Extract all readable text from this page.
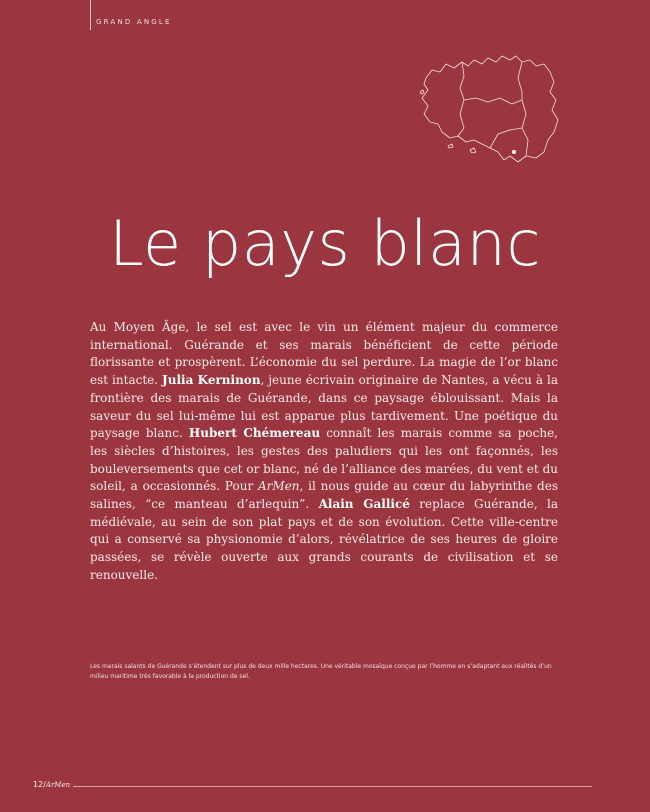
GRAND ANGLE
Le pays blanc

Au Moyen Âge, le sel est avec le vin un élément majeur du commerce international. Guérande et ses marais bénéficient de cette période florissante et prospèrent. L’économie du sel perdure. La magie de l’or blanc est intacte. Julia Kerninon, jeune écrivain originaire de Nantes, a vécu à la frontière des marais de Guérande, dans ce paysage éblouissant. Mais la saveur du sel lui-même lui est apparue plus tardivement. Une poétique du paysage blanc. Hubert Chémereau connaît les marais comme sa poche, les siècles d’histoires, les gestes des paludiers qui les ont façonnés, les bouleversements que cet or blanc, né de l’alliance des marées, du vent et du soleil, a occasionnés. Pour ArMen, il nous guide au cœur du labyrinthe des salines, “ce manteau d’arlequin”. Alain Gallicé replace Guérande, la médiévale, au sein de son plat pays et de son évolution. Cette ville-centre qui a conservé sa physionomie d’alors, révélatrice de ses heures de gloire passées, se révèle ouverte aux grands courants de civilisation et se renouvelle.

Les marais salants de Guérande s’étendent sur plus de deux mille hectares. Une véritable mosaïque conçue par l’homme en s’adaptant aux réalités d’un milieu maritime très favorable à la production de sel.
12/ArMen
